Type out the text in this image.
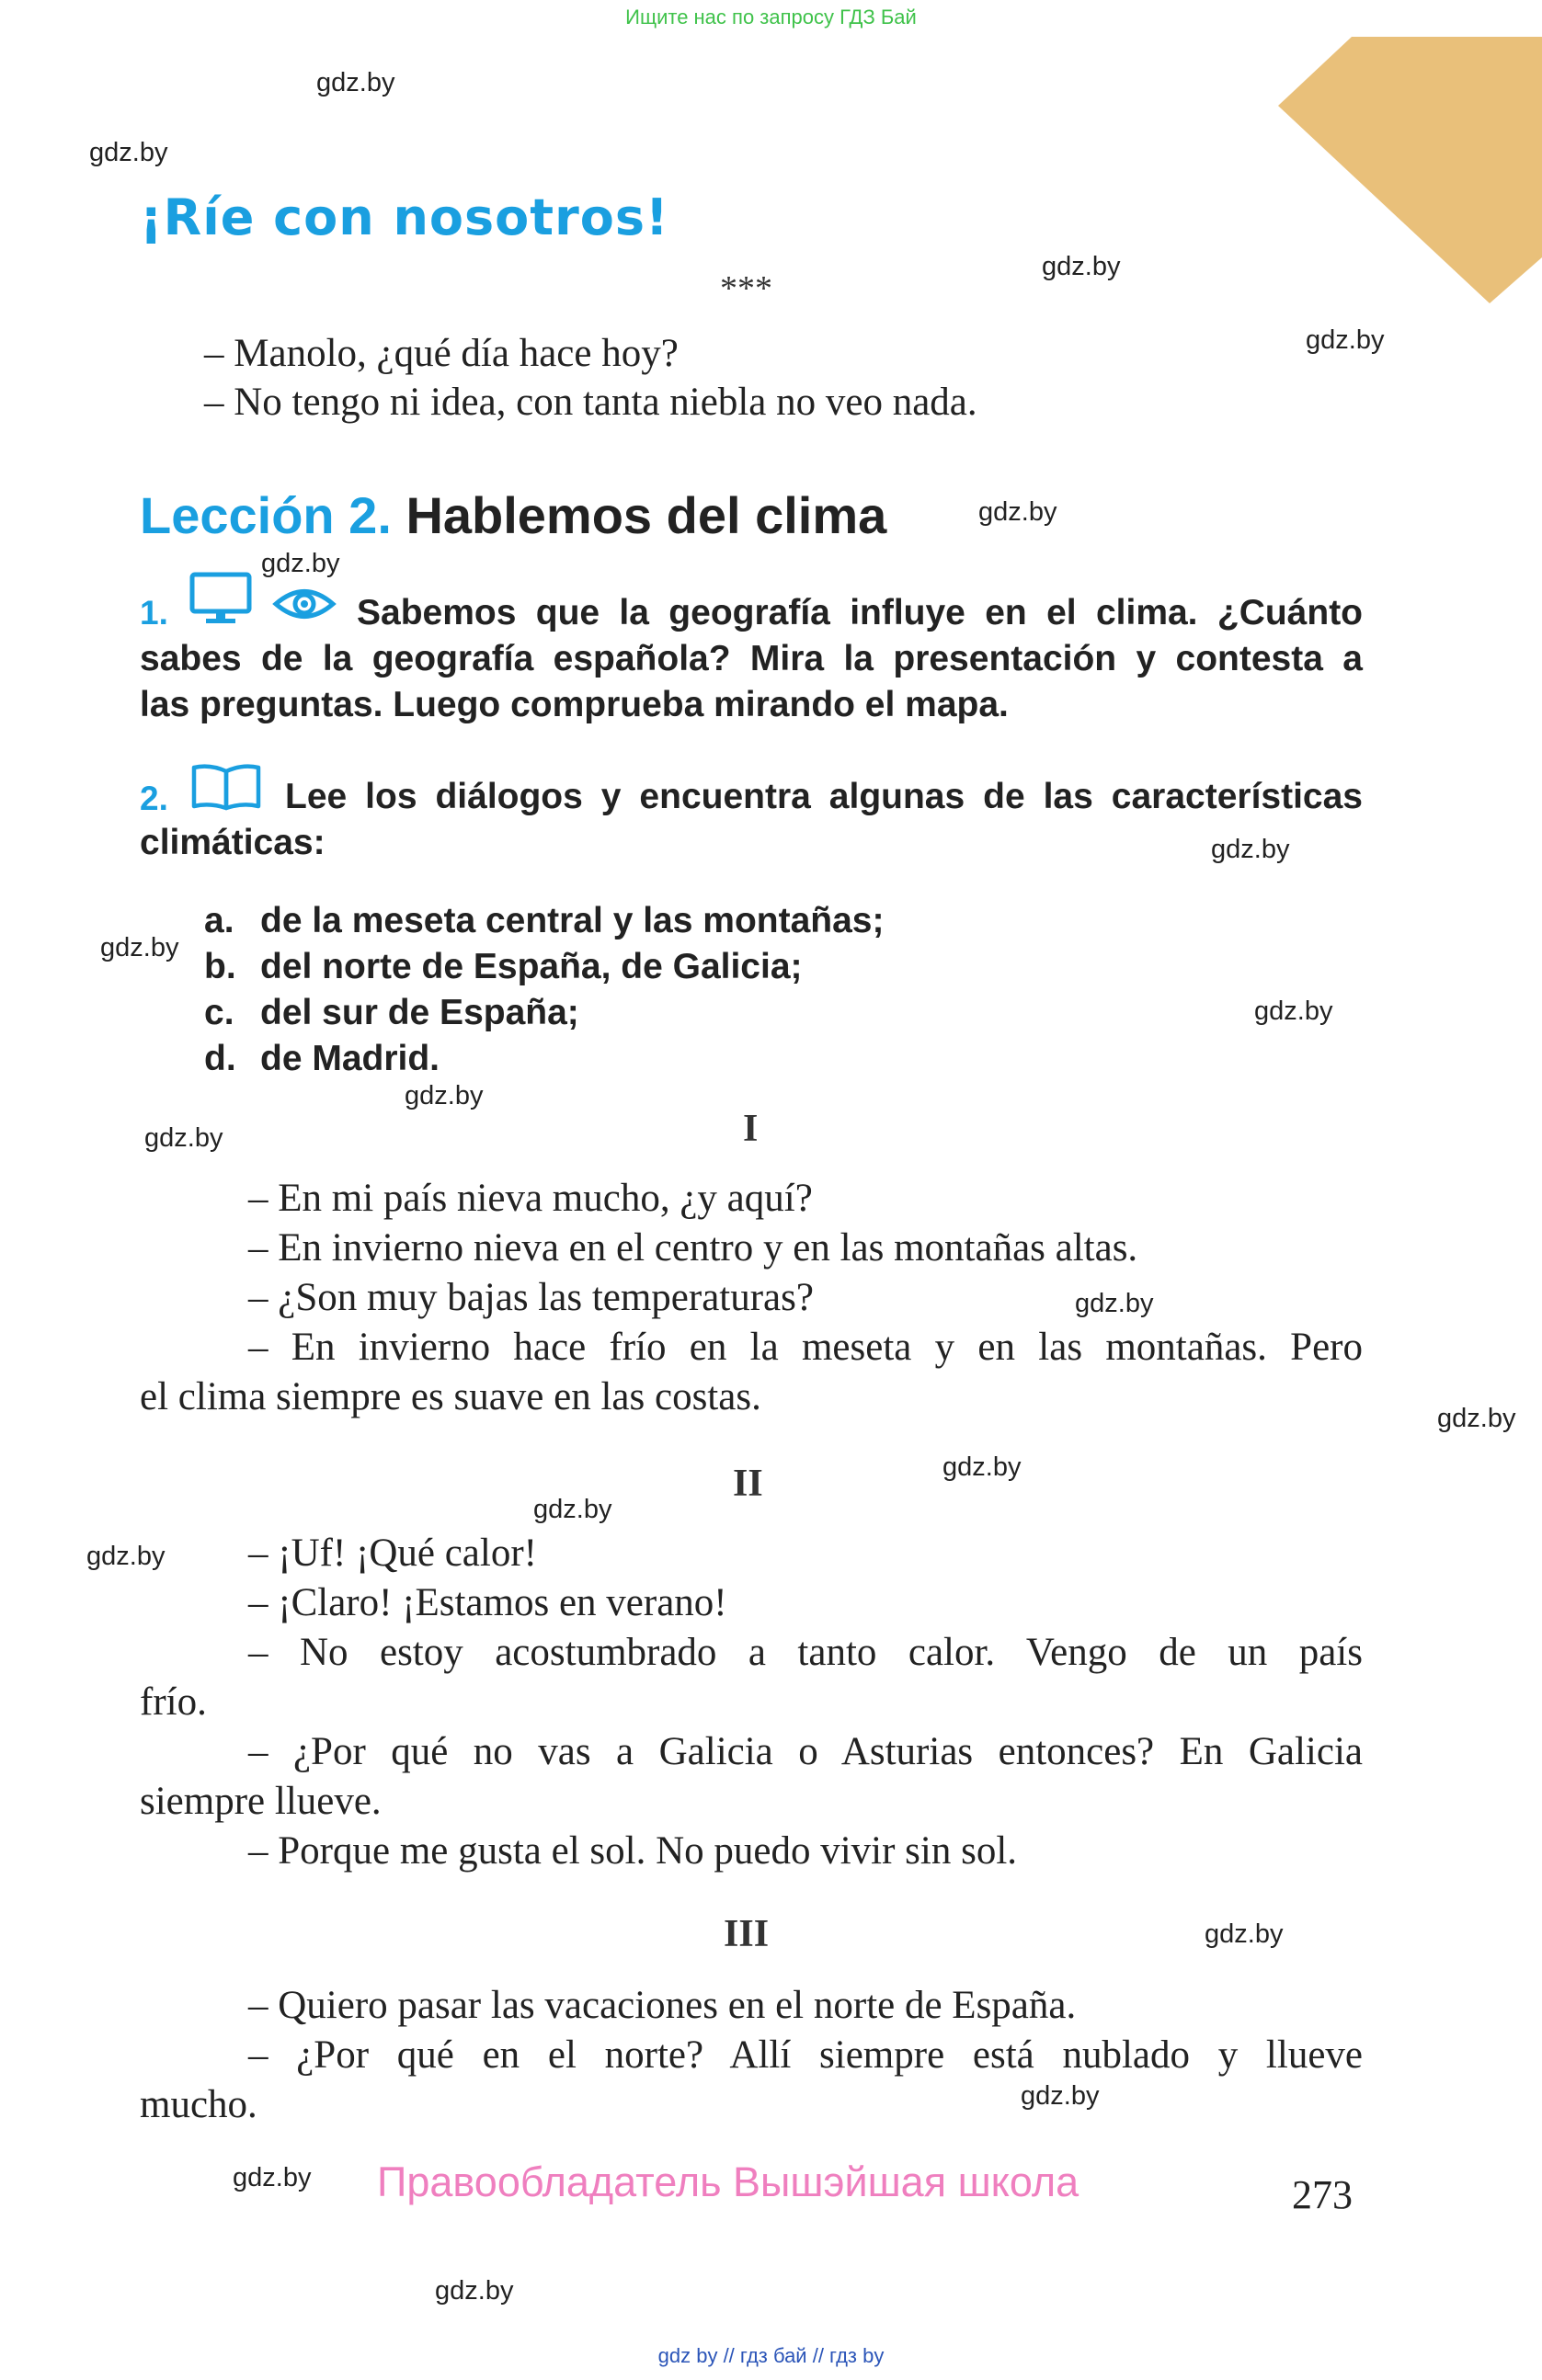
Ищите нас по запросу ГДЗ Бай
gdz.by
gdz.by
gdz.by
gdz.by
gdz.by
gdz.by
gdz.by
gdz.by
gdz.by
gdz.by
gdz.by
gdz.by
gdz.by
gdz.by
gdz.by
gdz.by
gdz.by
gdz.by
gdz.by
gdz.by
¡Ríe con nosotros!
***
– Manolo, ¿qué día hace hoy?
– No tengo ni idea, con tanta niebla no veo nada.
Lección 2. Hablemos del clima
1.	Sabemos que la geografía influye en el clima. ¿Cuánto
sabes de la geografía española? Mira la presentación y contesta a
las preguntas. Luego comprueba mirando el mapa.
2.	Lee los diálogos y encuentra algunas de las características
climáticas:
a. de la meseta central y las montañas;
b. del norte de España, de Galicia;
c. del sur de España;
d. de Madrid.
I
– En mi país nieva mucho, ¿y aquí?
– En invierno nieva en el centro y en las montañas altas.
– ¿Son muy bajas las temperaturas?
– En invierno hace frío en la meseta y en las montañas. Pero
el clima siempre es suave en las costas.
II
– ¡Uf! ¡Qué calor!
– ¡Claro! ¡Estamos en verano!
– No estoy acostumbrado a tanto calor. Vengo de un país
frío.
– ¿Por qué no vas a Galicia o Asturias entonces? En Galicia
siempre llueve.
– Porque me gusta el sol. No puedo vivir sin sol.
III
– Quiero pasar las vacaciones en el norte de España.
– ¿Por qué en el norte? Allí siempre está nublado y llueve
mucho.
Правообладатель Вышэйшая школа	273
gdz by // гдз бай // гдз by
